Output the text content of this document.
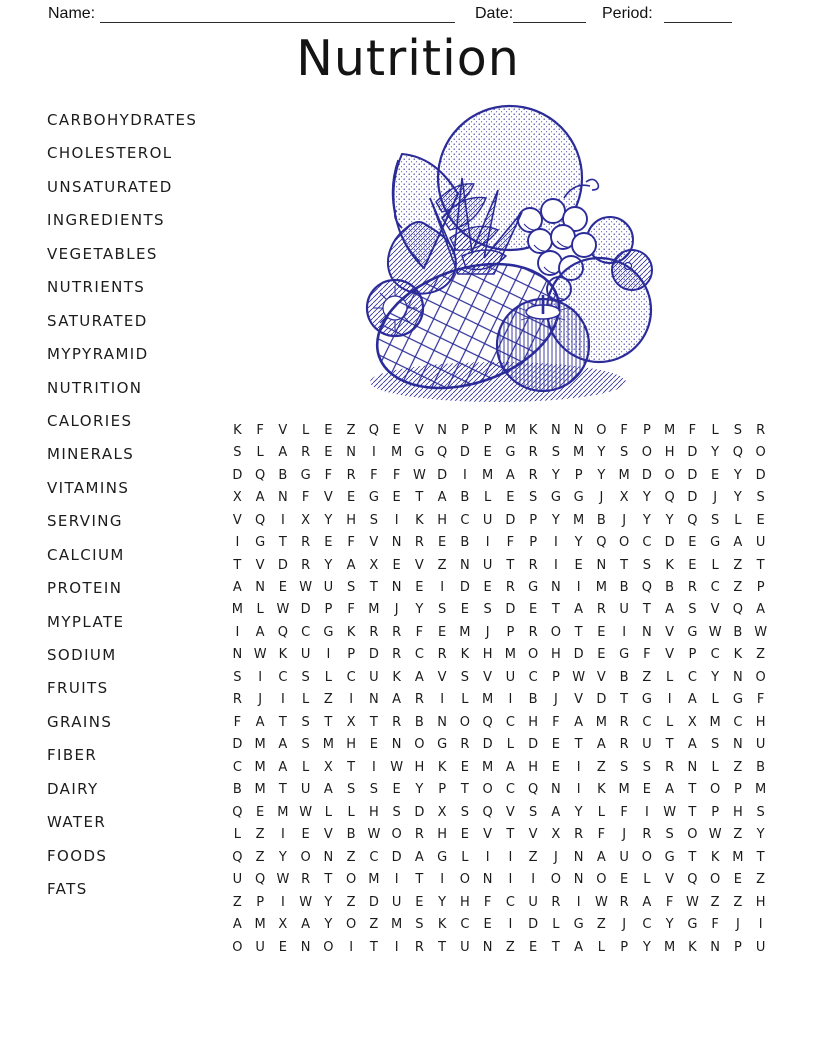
Name:	Date:	Period:
Nutrition
CARBOHYDRATES
CHOLESTEROL
UNSATURATED
INGREDIENTS
VEGETABLES
NUTRIENTS
SATURATED
MYPYRAMID
NUTRITION
CALORIES
MINERALS
VITAMINS
SERVING
CALCIUM
PROTEIN
MYPLATE
SODIUM
FRUITS
GRAINS
FIBER
DAIRY
WATER
FOODS
FATS
K	F	V	L	E	Z	Q	E	V	N	P	P	M K	N	N O	F	P	M	F	L	S	R
S	L	A	R	E	N	I	M G Q D	E	G	R	S	M	Y	S	O H D	Y	Q O
D Q	B	G	F	R	F	F W D	I	M A	R	Y	P	Y	M D O D	E	Y	D
X	A	N	F	V	E	G	E	T	A	B	L	E	S	G G	J	X	Y	Q D	J	Y	S
V	Q	I	X	Y	H	S	I	K	H	C	U D	P	Y	M B	J	Y	Y	Q	S	L	E
I	G	T	R	E	F	V	N	R	E	B	I	F	P	I	Y	Q O	C	D	E	G	A	U
T	V	D	R	Y	A	X	E	V	Z	N	U	T	R	I	E	N	T	S	K	E	L	Z	T
A	N	E W U	S	T	N	E	I	D	E	R	G N	I	M B	Q	B	R	C	Z	P
M	L W D	P	F	M	J	Y	S	E	S	D	E	T	A	R	U	T	A	S	V	Q	A
I	A	Q	C	G	K	R	R	F	E	M	J	P	R	O	T	E	I	N	V	G W B W
N W K	U	I	P	D	R	C	R	K	H M O H D	E	G	F	V	P	C	K	Z
S	I	C	S	L	C	U	K	A	V	S	V	U	C	P W V	B	Z	L	C	Y	N O
R	J	I	L	Z	I	N	A	R	I	L	M	I	B	J	V	D	T	G	I	A	L	G	F
F	A	T	S	T	X	T	R	B	N O Q	C	H	F	A M R	C	L	X M C	H
D M A	S	M H	E	N O G	R	D	L	D	E	T	A	R	U	T	A	S	N	U
C M A	L	X	T	I	W H	K	E	M A	H	E	I	Z	S	S	R	N	L	Z	B
B M	T	U	A	S	S	E	Y	P	T	O	C	Q N	I	K M	E	A	T	O	P	M
Q	E	M W L	L	H	S	D	X	S	Q	V	S	A	Y	L	F	I	W T	P	H	S
L	Z	I	E	V	B W O	R	H	E	V	T	V	X	R	F	J	R	S	O W Z	Y
Q	Z	Y	O N	Z	C	D	A	G	L	I	I	Z	J	N	A	U O G	T	K M	T
U Q W R	T	O M	I	T	I	O N	I	I	O N O	E	L	V	Q O	E	Z
Z	P	I	W Y	Z	D U	E	Y	H	F	C	U	R	I	W R	A	F W Z	Z	H
A M X	A	Y	O	Z M	S	K	C	E	I	D	L	G	Z	J	C	Y	G	F	J	I
O U	E	N O	I	T	I	R	T	U	N	Z	E	T	A	L	P	Y	M K	N	P	U
